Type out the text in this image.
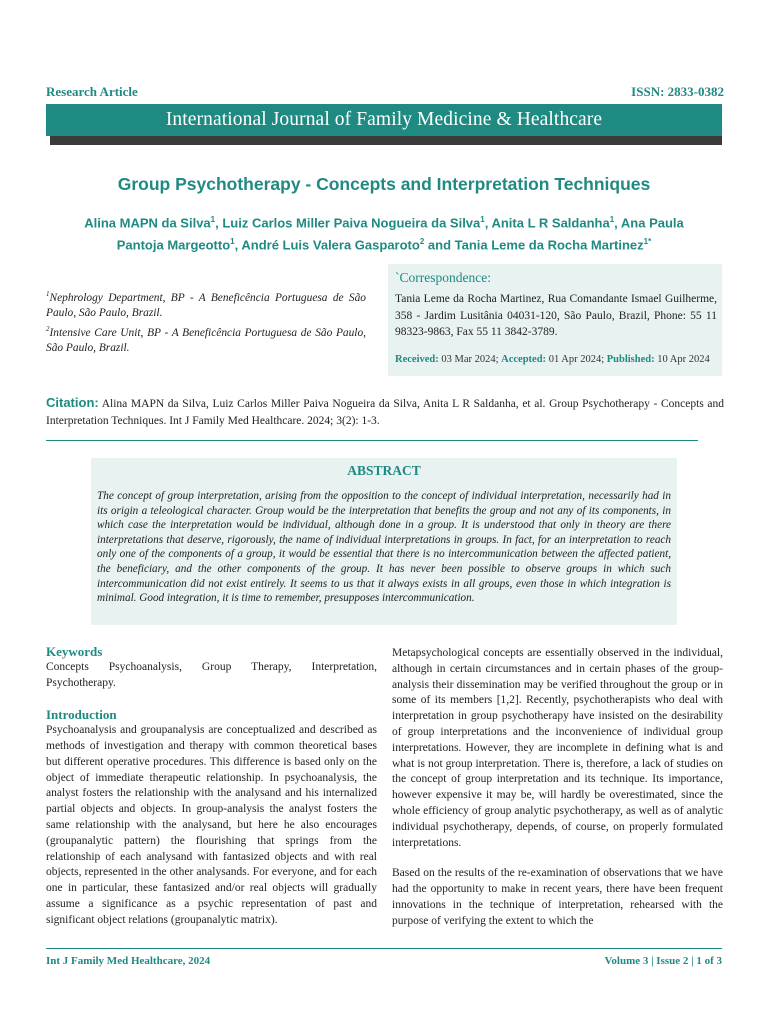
Research Article	ISSN: 2833-0382
International Journal of Family Medicine & Healthcare
Group Psychotherapy - Concepts and Interpretation Techniques
Alina MAPN da Silva$^1$, Luiz Carlos Miller Paiva Nogueira da Silva$^1$, Anita L R Saldanha$^1$, Ana Paula Pantoja Margeotto$^1$, André Luis Valera Gasparoto$^2$ and Tania Leme da Rocha Martinez$^{1*}$
$^1$Nephrology Department, BP - A Beneficência Portuguesa de São Paulo, São Paulo, Brazil.
$^2$Intensive Care Unit, BP - A Beneficência Portuguesa de São Paulo, São Paulo, Brazil.
`Correspondence:
Tania Leme da Rocha Martinez, Rua Comandante Ismael Guilherme, 358 - Jardim Lusitânia 04031-120, São Paulo, Brazil, Phone: 55 11 98323-9863, Fax 55 11 3842-3789.
Received: 03 Mar 2024; Accepted: 01 Apr 2024; Published: 10 Apr 2024
Citation: Alina MAPN da Silva, Luiz Carlos Miller Paiva Nogueira da Silva, Anita L R Saldanha, et al. Group Psychotherapy - Concepts and Interpretation Techniques. Int J Family Med Healthcare. 2024; 3(2): 1-3.
ABSTRACT
The concept of group interpretation, arising from the opposition to the concept of individual interpretation, necessarily had in its origin a teleological character. Group would be the interpretation that benefits the group and not any of its components, in which case the interpretation would be individual, although done in a group. It is understood that only in theory are there interpretations that deserve, rigorously, the name of individual interpretations in groups. In fact, for an interpretation to reach only one of the components of a group, it would be essential that there is no intercommunication between the affected patient, the beneficiary, and the other components of the group. It has never been possible to observe groups in which such intercommunication did not exist entirely. It seems to us that it always exists in all groups, even those in which integration is minimal. Good integration, it is time to remember, presupposes intercommunication.

Keywords

Concepts Psychoanalysis, Group Therapy, Interpretation, Psychotherapy.

Introduction

Psychoanalysis and groupanalysis are conceptualized and described as methods of investigation and therapy with common theoretical bases but different operative procedures. This difference is based only on the object of immediate therapeutic relationship. In psychoanalysis, the analyst fosters the relationship with the analysand and his internalized partial objects and objects. In group-analysis the analyst fosters the same relationship with the analysand, but here he also encourages (groupanalytic pattern) the flourishing that springs from the relationship of each analysand with fantasized objects and with real objects, represented in the other analysands. For everyone, and for each one in particular, these fantasized and/or real objects will gradually assume a significance as a psychic representation of past and significant object relations (groupanalytic matrix).

Metapsychological concepts are essentially observed in the individual, although in certain circumstances and in certain phases of the group-analysis their dissemination may be verified throughout the group or in some of its members [1,2]. Recently, psychotherapists who deal with interpretation in group psychotherapy have insisted on the desirability of group interpretations and the inconvenience of individual group interpretations. However, they are incomplete in defining what is and what is not group interpretation. There is, therefore, a lack of studies on the concept of group interpretation and its technique. Its importance, however expensive it may be, will hardly be overestimated, since the whole efficiency of group analytic psychotherapy, as well as of analytic individual psychotherapy, depends, of course, on properly formulated interpretations.

Based on the results of the re-examination of observations that we have had the opportunity to make in recent years, there have been frequent innovations in the technique of interpretation, rehearsed with the purpose of verifying the extent to which the

Int J Family Med Healthcare, 2024	Volume 3 | Issue 2 | 1 of 3
